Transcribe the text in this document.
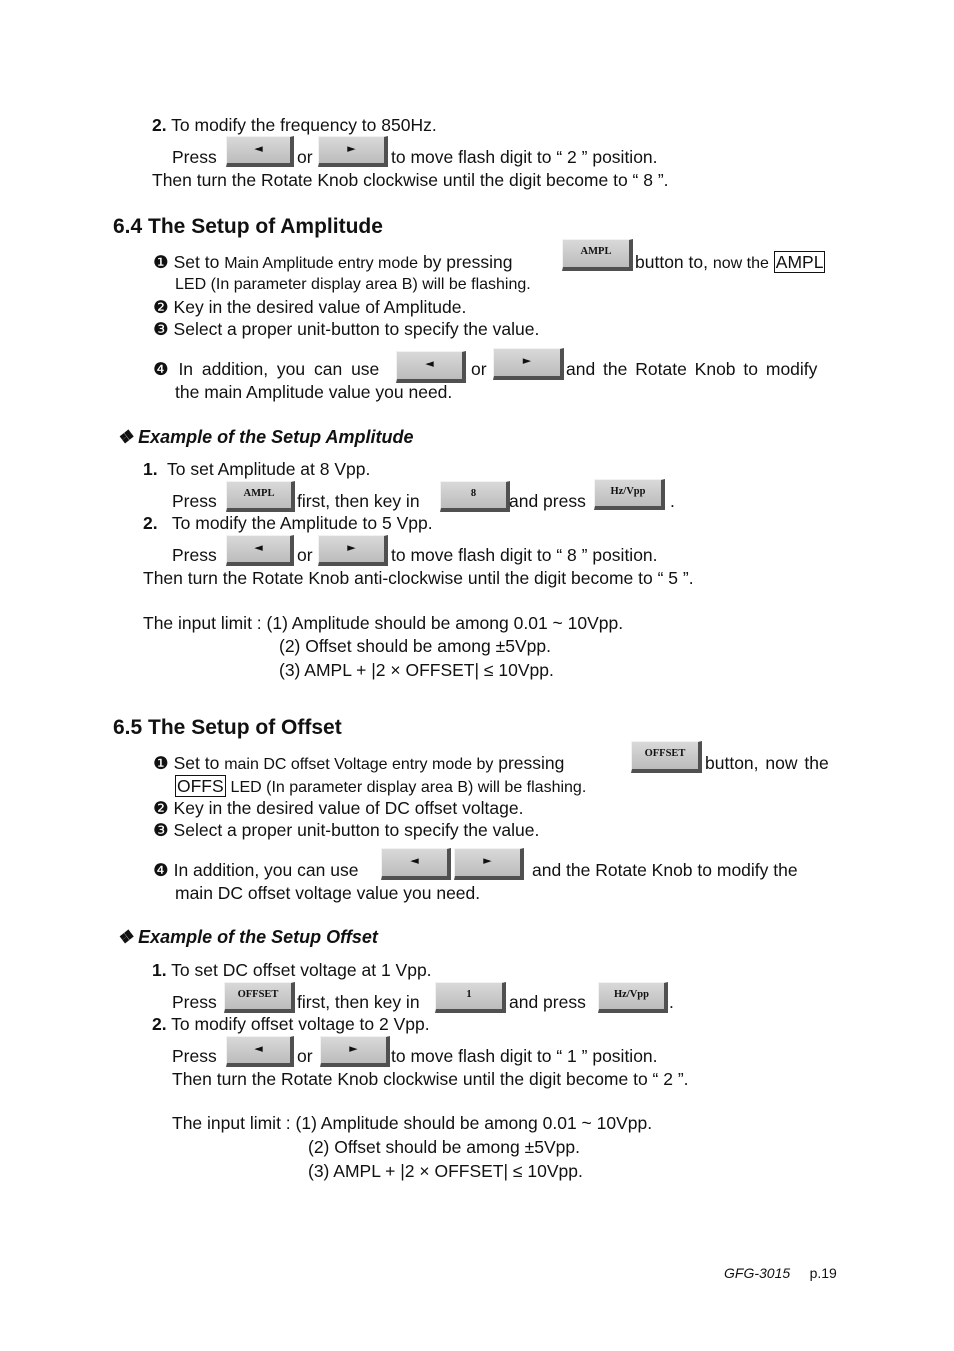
2. To modify the frequency to 850Hz.
Press	◄	or	►	to move flash digit to “ 2 ” position.
Then turn the Rotate Knob clockwise until the digit become to “ 8 ”.
6.4 The Setup of Amplitude
❶ Set to Main Amplitude entry mode by pressing
AMPL
button to, now the AMPL
LED (In parameter display area B) will be flashing.
❷ Key in the desired value of Amplitude.
❸ Select a proper unit-button to specify the value.
❹ In addition, you can use	◄	or	►	and the Rotate Knob to modify
the main Amplitude value you need.
❖ Example of the Setup Amplitude
1. To set Amplitude at 8 Vpp.
Press	AMPL	first, then key in	8	and press	Hz/Vpp	.
2. To modify the Amplitude to 5 Vpp.
Press	◄	or	►	to move flash digit to “ 8 ” position.
Then turn the Rotate Knob anti-clockwise until the digit become to “ 5 ”.
The input limit : (1) Amplitude should be among 0.01 ~ 10Vpp.
(2) Offset should be among ±5Vpp.
(3) AMPL + |2 × OFFSET| ≤ 10Vpp.
6.5 The Setup of Offset
❶ Set to main DC offset Voltage entry mode by pressing	OFFSET	button, now the
OFFS LED (In parameter display area B) will be flashing.
❷ Key in the desired value of DC offset voltage.
❸ Select a proper unit-button to specify the value.
❹ In addition, you can use	◄	►	and the Rotate Knob to modify the
main DC offset voltage value you need.
❖ Example of the Setup Offset
1. To set DC offset voltage at 1 Vpp.
Press	OFFSET	first, then key in	1	and press	Hz/Vpp	.
2. To modify offset voltage to 2 Vpp.
Press	◄	or	►	to move flash digit to “ 1 ” position.
Then turn the Rotate Knob clockwise until the digit become to “ 2 ”.
The input limit : (1) Amplitude should be among 0.01 ~ 10Vpp.
(2) Offset should be among ±5Vpp.
(3) AMPL + |2 × OFFSET| ≤ 10Vpp.
GFG-3015 p.19
